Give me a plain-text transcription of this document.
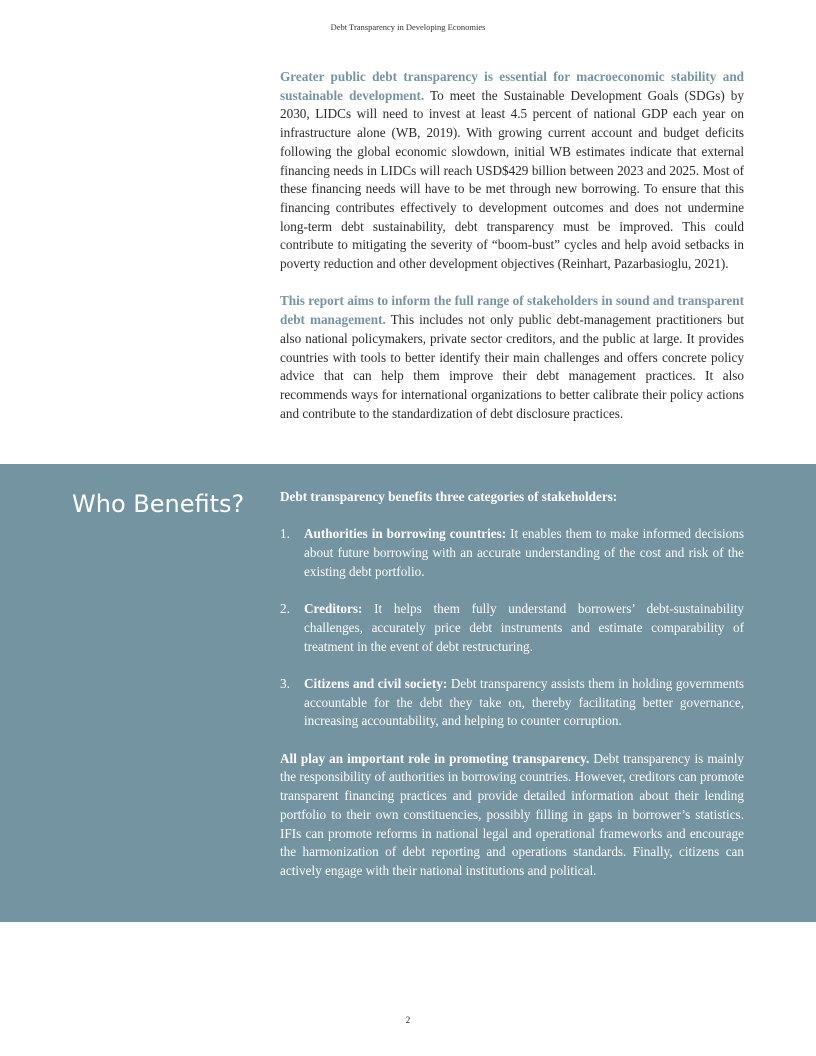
Debt Transparency in Developing Economies

Greater public debt transparency is essential for macroeconomic stability and sustainable development. To meet the Sustainable Development Goals (SDGs) by 2030, LIDCs will need to invest at least 4.5 percent of national GDP each year on infrastructure alone (WB, 2019). With growing current account and budget deficits following the global economic slowdown, initial WB estimates indicate that external financing needs in LIDCs will reach USD$429 billion between 2023 and 2025. Most of these financing needs will have to be met through new borrowing. To ensure that this financing contributes effectively to development outcomes and does not undermine long-term debt sustainability, debt transparency must be improved. This could contribute to mitigating the severity of “boom-bust” cycles and help avoid setbacks in poverty reduction and other development objectives (Reinhart, Pazarbasioglu, 2021).

This report aims to inform the full range of stakeholders in sound and transparent debt management. This includes not only public debt-management practitioners but also national policymakers, private sector creditors, and the public at large. It provides countries with tools to better identify their main challenges and offers concrete policy advice that can help them improve their debt management practices. It also recommends ways for international organizations to better calibrate their policy actions and contribute to the standardization of debt disclosure practices.

Who Benefits?	Debt transparency benefits three categories of stakeholders:

1. Authorities in borrowing countries: It enables them to make informed decisions about future borrowing with an accurate understanding of the cost and risk of the existing debt portfolio.
2. Creditors: It helps them fully understand borrowers’ debt-sustainability challenges, accurately price debt instruments and estimate comparability of treatment in the event of debt restructuring.
3. Citizens and civil society: Debt transparency assists them in holding governments accountable for the debt they take on, thereby facilitating better governance, increasing accountability, and helping to counter corruption.

All play an important role in promoting transparency. Debt transparency is mainly the responsibility of authorities in borrowing countries. However, creditors can promote transparent financing practices and provide detailed information about their lending portfolio to their own constituencies, possibly filling in gaps in borrower’s statistics. IFIs can promote reforms in national legal and operational frameworks and encourage the harmonization of debt reporting and operations standards. Finally, citizens can actively engage with their national institutions and political.

2
